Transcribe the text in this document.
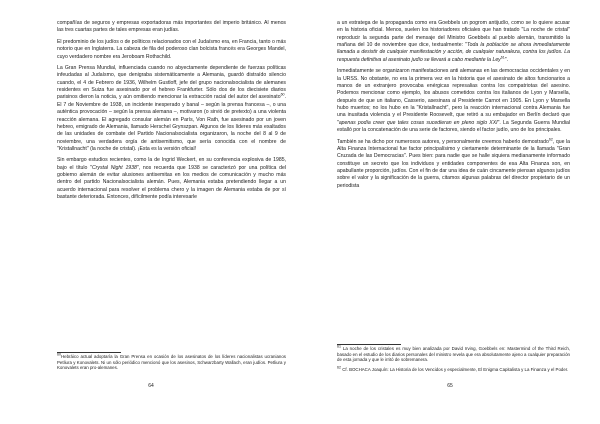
compañías de seguros y empresas exportadoras más importantes del imperio británico. Al menos las tres cuartas partes de tales empresas eran judías.

El predominio de los judíos o de políticos relacionados con el Judaísmo era, en Francia, tanto o más notorio que en Inglaterra. La cabeza de fila del poderoso clan bolcista francés era Georges Mandel, cuyo verdadero nombre era Jeroboam Rothschild.

La Gran Prensa Mundial, influenciada cuando no abyectamente dependiente de fuerzas políticas infeudadas al Judaísmo, que denigraba sistemáticamente a Alemania, guardó distraído silencio cuando, el 4 de Febrero de 1936, Wilhelm Gustloff, jefe del grupo nacionalsocialista de alemanes residentes en Suiza fue asesinado por el hebreo Frankfurter. Sólo dos de los diecisiete diarios parisinos dieron la noticia, y aún omitiendo mencionar la extracción racial del autor del asesinato$^{60}$. El 7 de Noviembre de 1938, un incidente inesperado y banal – según la prensa francesa –, o una auténtica provocación – según la prensa alemana –, motivaron (o sirvió de pretexto) a una violenta reacción alemana. El agregado consular alemán en París, Von Rath, fue asesinado por un joven hebreo, emigrado de Alemania, llamado Herschel Grynszpan. Algunos de los líderes más exaltados de las unidades de combate del Partido Nacionalsocialista organizaron, la noche del 8 al 9 de noviembre, una verdadera orgía de antisemitismo, que sería conocida con el nombre de "Kristallnacht" (la noche de cristal). ¡Esta es la versión oficial!

Sin embargo estudios recientes, como la de Ingrid Weckert, en su conferencia explosiva de 1985, bajo el título "Crystal Night 1938", nos recuerda que 1938 se caracterizó por una política del gobierno alemán de evitar alusiones antisemitas en los medios de comunicación y mucho más dentro del partido Nacionalsocialista alemán. Pues, Alemania estaba pretendiendo llegar a un acuerdo internacional para resolver el problema chero y la imagen de Alemania estaba de por sí bastante deteriorada. Entonces, difícilmente podía interesarle

$^{60}$Hebráico actual adoptaría la Gran Prensa en ocasión de los asesinatos de los líderes nacionalistas ucranianos Petliura y Konovalets. Ni un sólo periódico mencionó que los asesinos, Schwarzbarty Wallach, eran judíos. Petliura y Konovalets eran pro-alemanes.
64

a un estratega de la propaganda como era Goebbels un pogrom antijudío, como se lo quiere acusar en la historia oficial. Menos, suelen los historiadores oficiales que han tratado "La noche de cristal" reproducir la segunda parte del mensaje del Ministro Goebbels al pueblo alemán, transmitido la mañana del 10 de noviembre que dice, textualmente: "Toda la población se ahora inmediatamente llamada a desistir de cualquier manifestación y acción, de cualquier naturaleza, contra los judíos. La respuesta definitiva al asesinato judío se llevará a cabo mediante la Ley$^{61}$".

Inmediatamente se organizaron manifestaciones anti alemanas en las democracias occidentales y en la URSS. No obstante, no era la primera vez en la historia que el asesinato de altos funcionarios a manos de un extranjero provocaba enérgicas represalias contra los compatriotas del asesino. Podemos mencionar como ejemplo, los abusos cometidos contra los italianos de Lyon y Marsella, después de que un italiano, Casserio, asesinara al Presidente Carnot en 1905. En Lyon y Marsella hubo muertos; no los hubo en la "Kristallnacht", pero la reacción internacional contra Alemania fue una inusitada violencia y el Presidente Roosevelt, que retiró a su embajador en Berlín declaró que "apenas podía creer que tales cosas sucedieran en pleno siglo XXI". La Segunda Guerra Mundial estalló por la concatenación de una serie de factores, siendo el factor judío, uno de los principales.

También se ha dicho por numerosos autores, y personalmente creemos haberlo demostrado$^{62}$, que la Alta Finanza Internacional fue factor principalísimo y ciertamente determinante de la llamada "Gran Cruzada de las Democracias". Pues bien: para nadie que se halle siquiera medianamente informado constituye un secreto que los individuos y entidades componentes de esa Alta Finanza son, en apabullante proporción, judíos. Con el fin de dar una idea de cuán cincamente piensan algunos judíos sobre el valor y la significación de la guerra, citamos algunas palabras del director propietario de un periodista

$^{61}$ La noche de los cristales es muy bien analizada por David Irving, Goebbels en: Mastermind of the Third Reich, basado en el estudio de los diarios personales del ministro revela que era absolutamente ajeno a cualquier preparación de esta jornada y que le irritó de sobremanera.
$^{62}$ Cf. BOCHACA Joaquín: La Historia de los Vencidos y especialmente, El Enigma Capitalista y La Finanza y el Poder.
65
